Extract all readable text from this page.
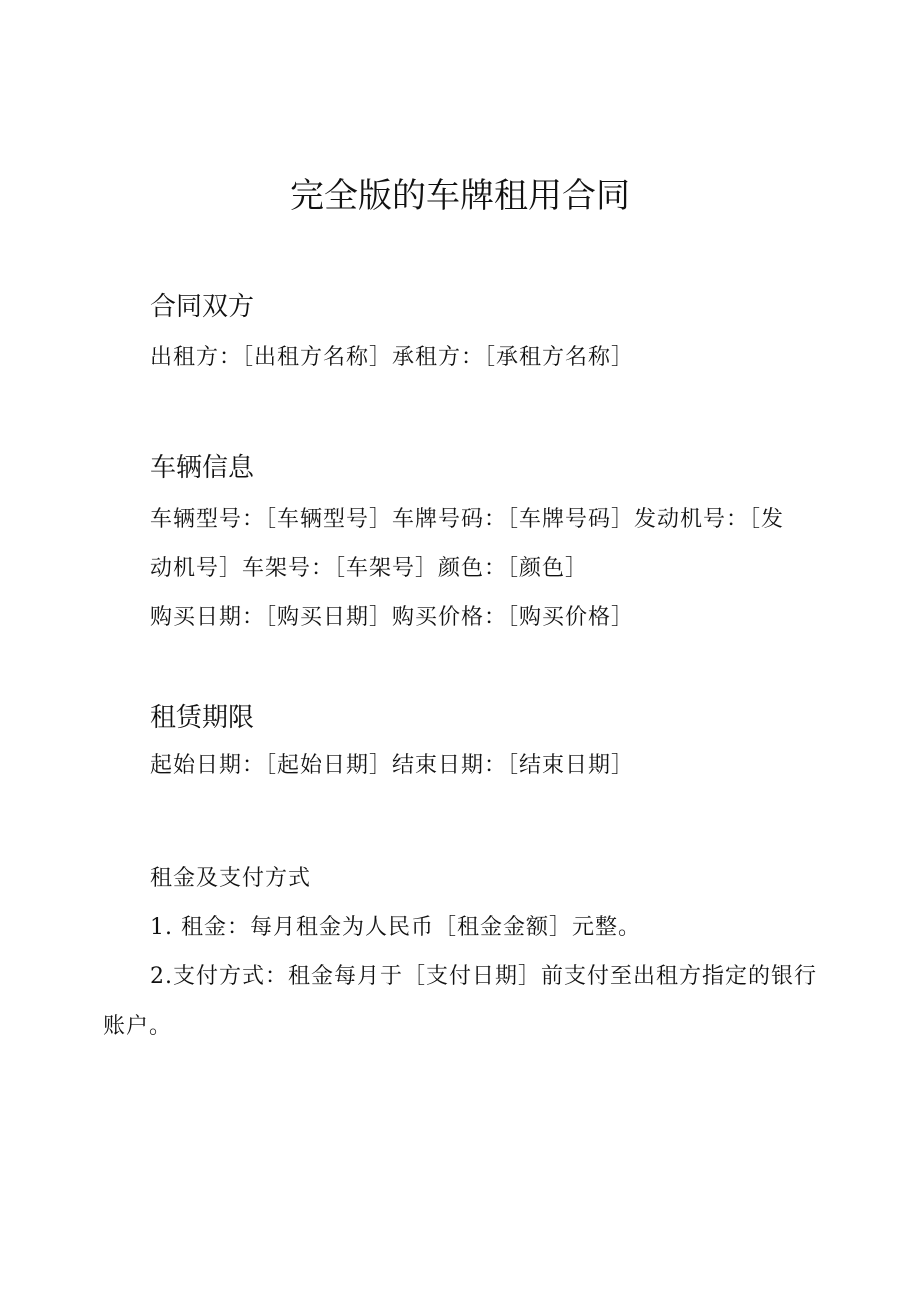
完全版的车牌租用合同
合同双方

出租方：［出租方名称］承租方：［承租方名称］

车辆信息

车辆型号：［车辆型号］车牌号码：［车牌号码］发动机号：［发

动机号］车架号：［车架号］颜色：［颜色］

购买日期：［购买日期］购买价格：［购买价格］

租赁期限

起始日期：［起始日期］结束日期：［结束日期］

租金及支付方式

1. 租金：每月租金为人民币［租金金额］元整。

2.支付方式：租金每月于［支付日期］前支付至出租方指定的银行

账户。
